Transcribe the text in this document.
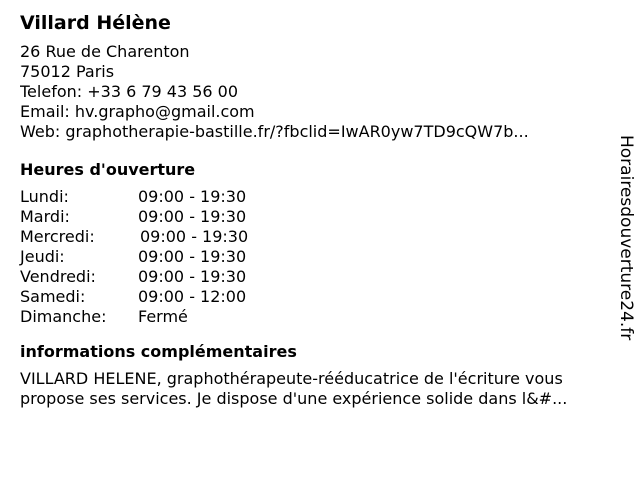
Villard Hélène
26 Rue de Charenton
75012 Paris
Telefon: +33 6 79 43 56 00
Email: hv.grapho@gmail.com
Web: graphotherapie-bastille.fr/?fbclid=IwAR0yw7TD9cQW7b...
Heures d'ouverture
Lundi:	09:00 - 19:30
Mardi:	09:00 - 19:30
Mercredi:	09:00 - 19:30
Jeudi:	09:00 - 19:30
Vendredi:	09:00 - 19:30
Samedi:	09:00 - 12:00
Dimanche:	Fermé
informations complémentaires
VILLARD HELENE, graphothérapeute-rééducatrice de l'écriture vous
propose ses services. Je dispose d'une expérience solide dans l&#...
Horairesdouverture24.fr
